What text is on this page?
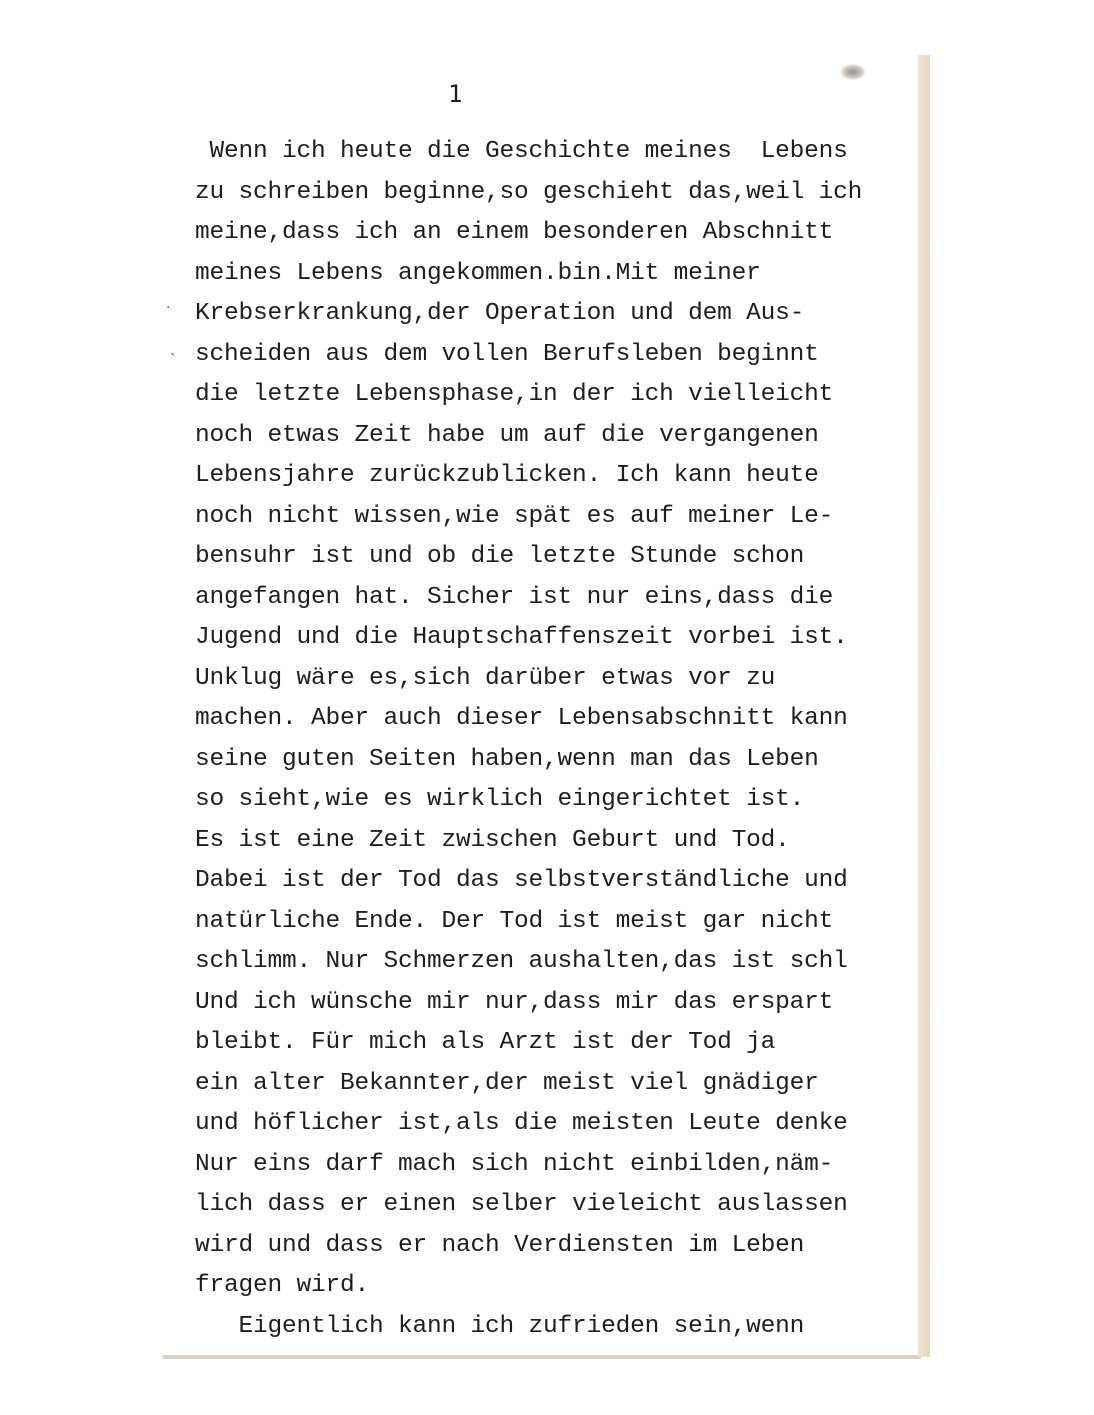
·
ˎ
1
Wenn ich heute die Geschichte meines  Lebens
zu schreiben beginne,so geschieht das,weil ich
meine,dass ich an einem besonderen Abschnitt
meines Lebens angekommen.bin.Mit meiner
Krebserkrankung,der Operation und dem Aus-
scheiden aus dem vollen Berufsleben beginnt
die letzte Lebensphase,in der ich vielleicht
noch etwas Zeit habe um auf die vergangenen
Lebensjahre zurückzublicken. Ich kann heute
noch nicht wissen,wie spät es auf meiner Le-
bensuhr ist und ob die letzte Stunde schon
angefangen hat. Sicher ist nur eins,dass die
Jugend und die Hauptschaffenszeit vorbei ist.
Unklug wäre es,sich darüber etwas vor zu
machen. Aber auch dieser Lebensabschnitt kann
seine guten Seiten haben,wenn man das Leben
so sieht,wie es wirklich eingerichtet ist.
Es ist eine Zeit zwischen Geburt und Tod.
Dabei ist der Tod das selbstverständliche und
natürliche Ende. Der Tod ist meist gar nicht
schlimm. Nur Schmerzen aushalten,das ist schl
Und ich wünsche mir nur,dass mir das erspart
bleibt. Für mich als Arzt ist der Tod ja
ein alter Bekannter,der meist viel gnädiger
und höflicher ist,als die meisten Leute denke
Nur eins darf mach sich nicht einbilden,näm-
lich dass er einen selber vieleicht auslassen
wird und dass er nach Verdiensten im Leben
fragen wird.
Eigentlich kann ich zufrieden sein,wenn
